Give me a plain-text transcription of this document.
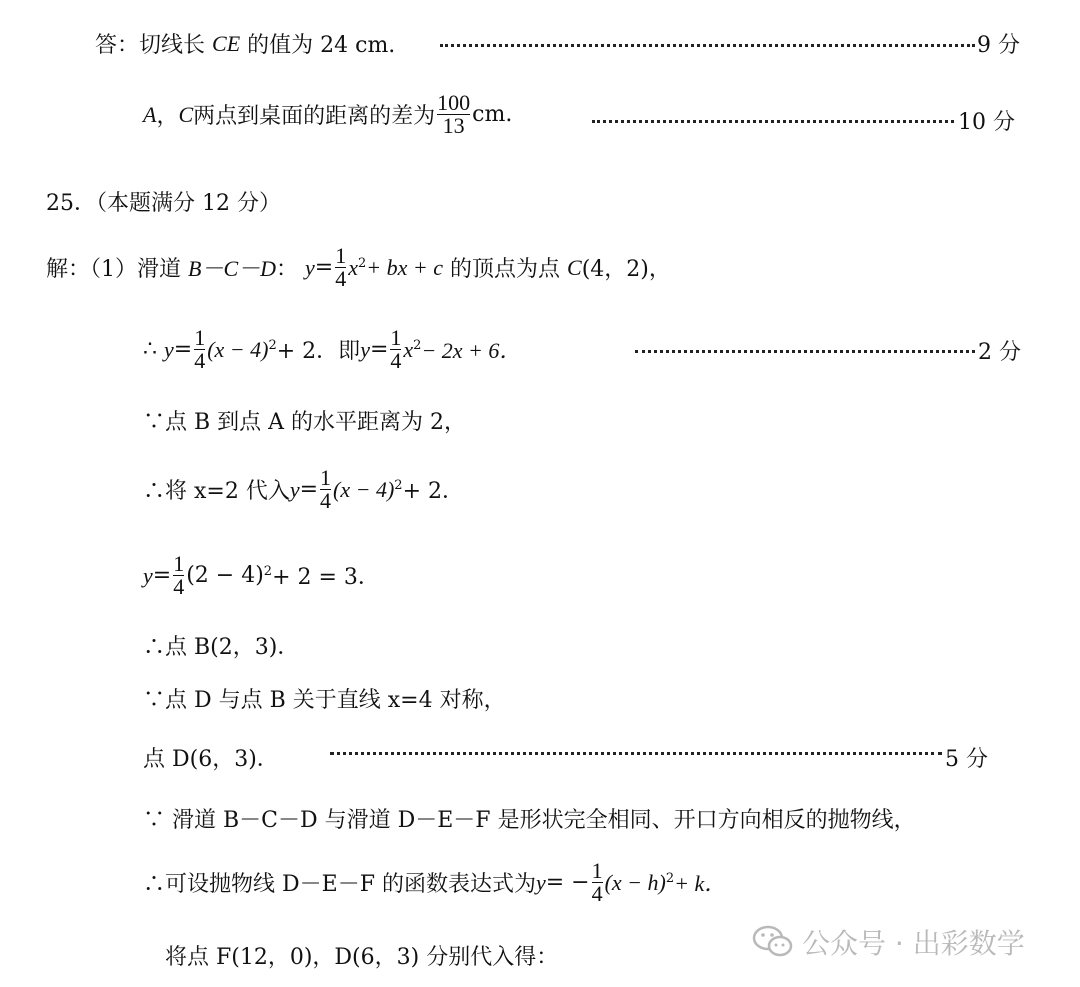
答：切线长
CE
的值为 24 cm.	9 分
A ， C 两点到桌面的距离的差为 $\frac{100}{13}$ cm.	10 分
25．（本题满分 12 分）
解：（1）滑道
B－C－D ：
$y = \frac{1}{4} x^2$ + bx + c
的顶点为点
C (4，2)，
∴
$y = \frac{1}{4} (x - 4)^2 + 2$．即 $y = \frac{1}{4} x^2 - 2x + 6$．	2 分
∵点 B 到点 A 的水平距离为 2，
∴将 x=2 代入 $y = \frac{1}{4} (x - 4)^2 + 2$．
$y = \frac{1}{4} (2 - 4)^2 + 2 = 3$．
∴点 B(2，3)．
∵点 D 与点 B 关于直线 x=4 对称，
点 D(6，3)．	5 分
∵ 滑道 B－C－D 与滑道 D－E－F 是形状完全相同、开口方向相反的抛物线，
∴可设抛物线 D－E－F 的函数表达式为 y = − $\frac{1}{4} (x - h)^2 + k$．
将点 F(12，0)，D(6，3) 分别代入得：	公众号 · 出彩数学
